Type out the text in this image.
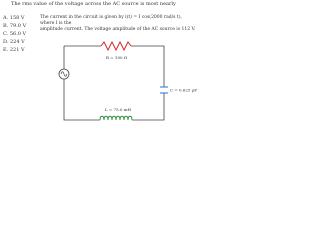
The rms value of the voltage across the AC source is most nearly
A. 158 V
B. 79.0 V
C. 56.0 V
D. 224 V
E. 221 V
The current in the circuit is given by i(t) = I cos(2000 rad/s t), where I is the
amplitude current. The voltage amplitude of the AC source is 112 V.
R = 100 Ω
C = 0.625 μF
L = 75.0 mH
